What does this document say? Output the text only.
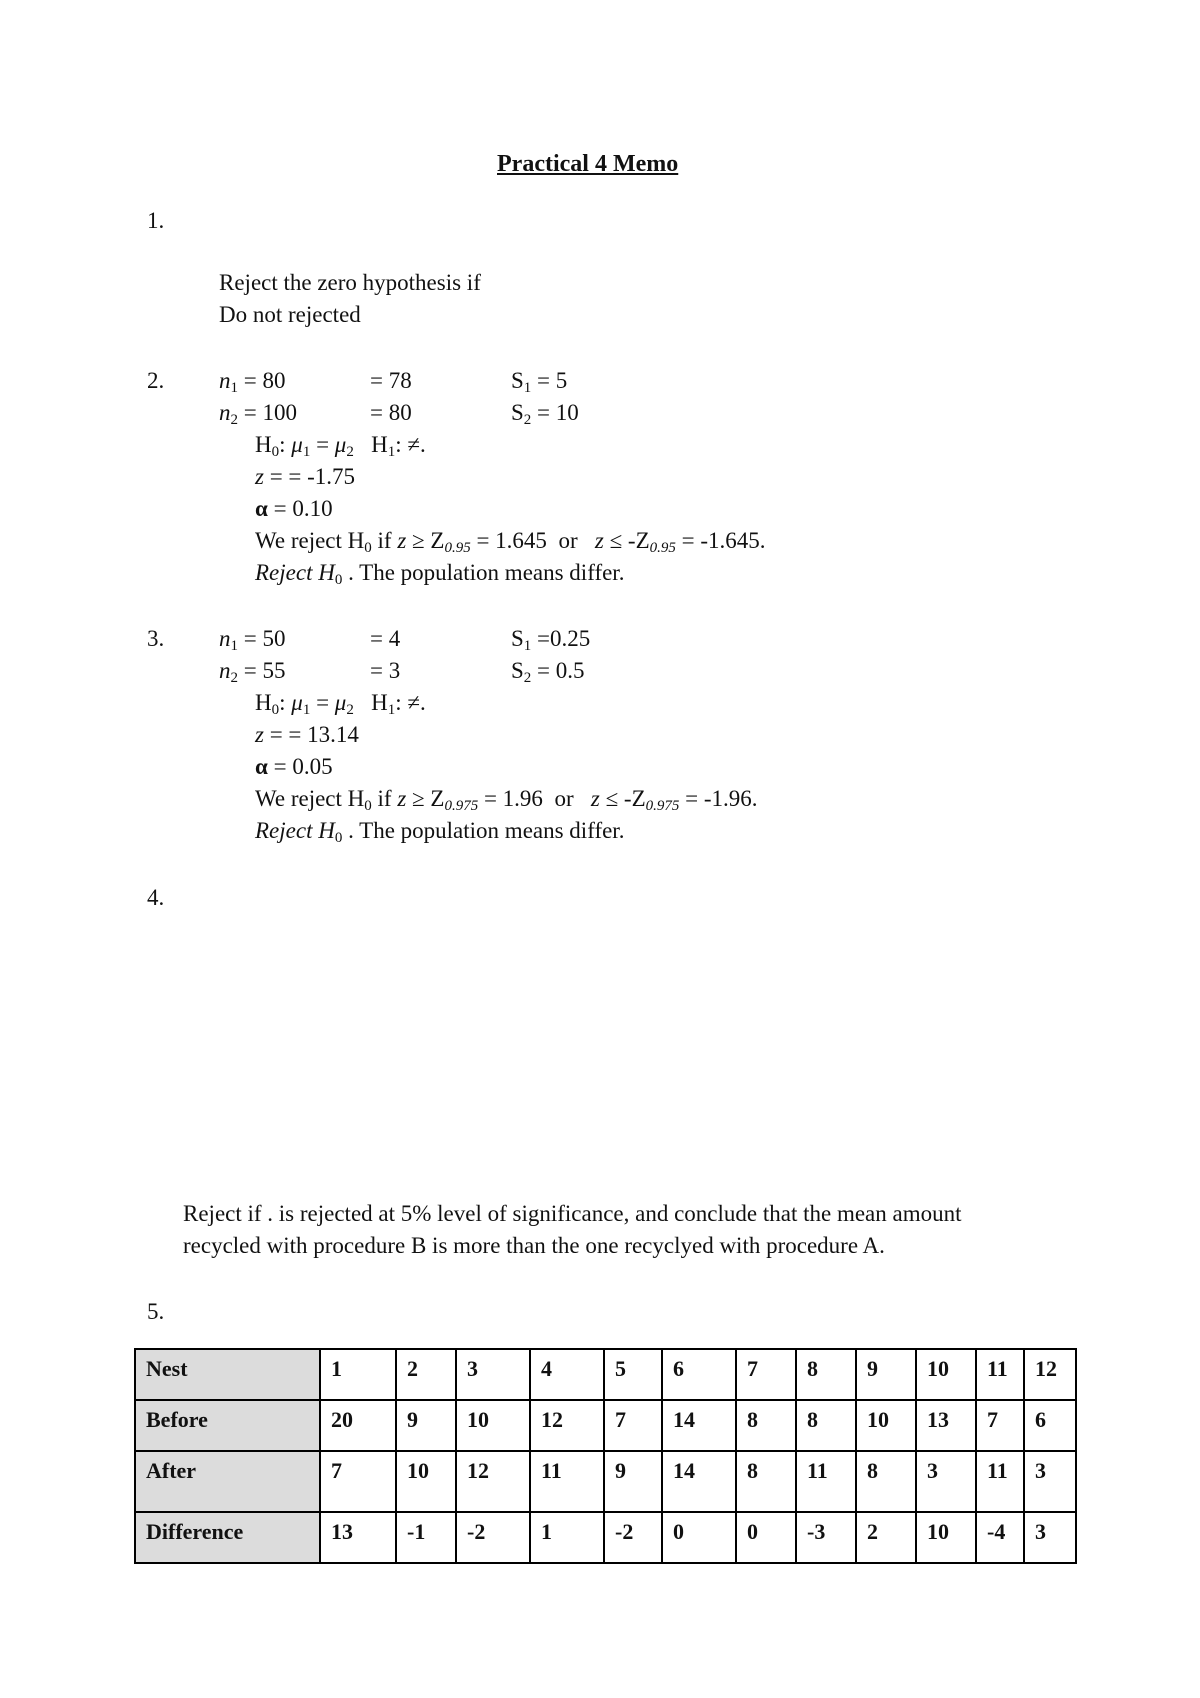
Practical 4 Memo
1.
Reject the zero hypothesis if
Do not rejected
2. $n_1 = 80$	= 78	$S_1 = 5$
$n_2 = 100$	= 80	$S_2 = 10$
$H_0$: $\mu_1 = \mu_2$   $H_1$: ≠.
z = = -1.75
α = 0.10
We reject $H_0$ if $z \ge Z_{0.95} = 1.645$  or   $z \le -Z_{0.95} = -1.645$.
Reject $H_0$ . The population means differ.
3. $n_1 = 50$	= 4	$S_1 =0.25$
$n_2 = 55$	= 3	$S_2 = 0.5$
$H_0$: $\mu_1 = \mu_2$   $H_1$: ≠.
z = = 13.14
α = 0.05
We reject $H_0$ if $z \ge Z_{0.975} = 1.96$  or   $z \le -Z_{0.975} = -1.96$.
Reject $H_0$ . The population means differ.
4.
Reject if . is rejected at 5% level of significance, and conclude that the mean amount
recycled with procedure B is more than the one recyclyed with procedure A.
5.
Nest	1	2	3	4	5	6	7	8	9	10	11	12
Before	20	9	10	12	7	14	8	8	10	13	7	6
After	7	10	12	11	9	14	8	11	8	3	11	3
Difference	13	-1	-2	1	-2	0	0	-3	2	10	-4	3
